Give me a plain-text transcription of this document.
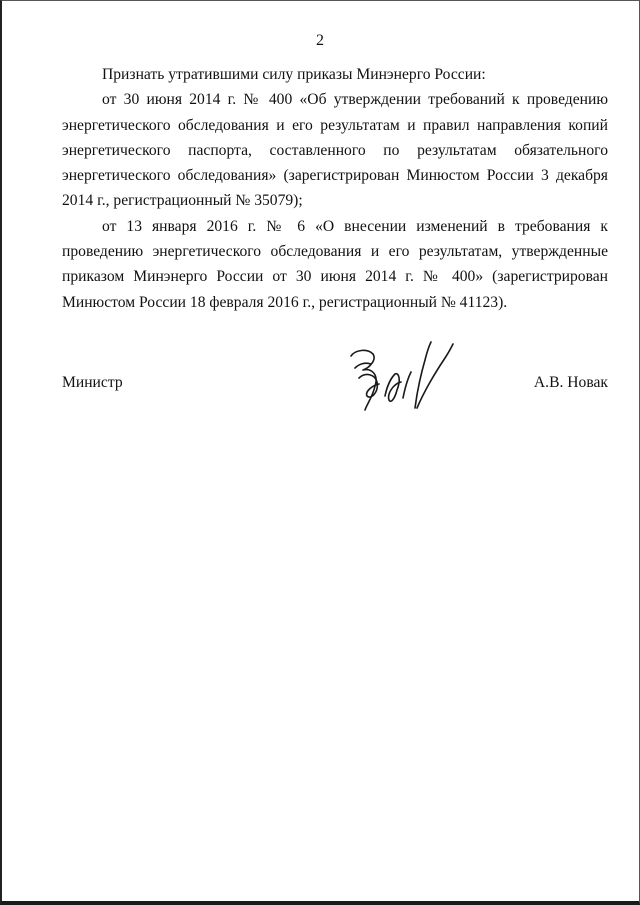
2

Признать утратившими силу приказы Минэнерго России:

от 30 июня 2014 г. № 400 «Об утверждении требований к проведению энергетического обследования и его результатам и правил направления копий энергетического паспорта, составленного по результатам обязательного энергетического обследования» (зарегистрирован Минюстом России 3 декабря 2014 г., регистрационный № 35079);

от 13 января 2016 г. № 6 «О внесении изменений в требования к проведению энергетического обследования и его результатам, утвержденные приказом Минэнерго России от 30 июня 2014 г. № 400» (зарегистрирован Минюстом России 18 февраля 2016 г., регистрационный № 41123).

Министр	А.В. Новак
